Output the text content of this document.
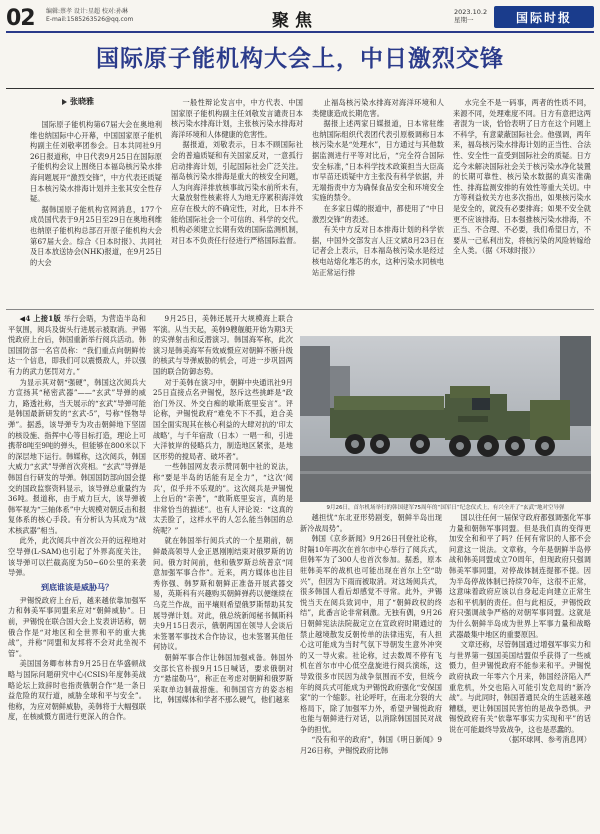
02 编辑:蔡孝 设计:星超 校对:孙琳
E-mail:1585263526@qq.com	聚焦	2023.10.2
星期一	国际时报
国际原子能机构大会上，中日激烈交锋
张晓雅

国际原子能机构第67届大会在奥地利维也纳国际中心开幕，中国国家原子能机构副主任刘敬率团参会。日本共同社9月26日报道称，中日代表9月25日在国际原子能机构会议上围绕日本福岛核污染水排海问题展开“激烈交锋”，中方代表还质疑日本核污染水排海计划并主张其安全性存疑。

据韩国原子能机构官网消息，177个成员国代表于9月25日至29日在奥地利维也纳原子能机构总部召开原子能机构大会第67届大会。综合《日本时报》、共同社及日本放送协会(NHK)报道，在9月25日的大会

一般性辩论发言中，中方代表、中国国家原子能机构副主任刘敬发言谴责日本核污染水排海计划，主张核污染水排海对海洋环境和人体健康的危害性。

据报道，刘敬表示，日本不顾国际社会的普遍质疑和有关国家反对，一意孤行启动排海计划，引起国际社会广泛关注。福岛核污染水排海是重大的核安全问题，人为向海洋排放核事故污染水前所未有，大量放射性核素将人为地无序累积海洋效应存在极大的不确定性，对此，日本并不能给国际社会一个可信的、科学的交代。机构必须建立长期有效的国际监测机制，对日本不负责任行径进行严格国际监督。

止福岛核污染水排海对海洋环境和人类健康造成长期危害。

据报上述两家日媒报道，日本常驻维也纳国际组织代表团代表引原极调称日本核污染水是“处理水”，日方通过与其他数据监测进行平等对比后，“完全符合国际安全标准，”日本科学技术政策担当大臣高市早苗还质疑中方主张没有科学依据，并无端指责中方为确保食品安全和环境安全实施的禁令。

在多家日媒的报道中，都使用了“中日激烈交锋”的表述。

有关中方反对日本排海计划的科学依据，中国外交部发言人汪文斌8月23日在记者会上表示，日本福岛核污染水是经过核电站熔化堆芯的水，这种污染水同核电站正常运行排

水完全不是一码事，两者的性质不同，来源不同，处理难度不同。日方有意把这两者混为一谈，恰恰表明了日方在这个问题上不科学，有意蒙蔽国际社会。他强调，两年来，福岛核污染水排海计划的正当性、合法性、安全性一直受到国际社会的质疑。日方迄今未解决国际社会关于核污染水净化装置的长期可靠性、核污染水数据的真实准确性、排海监测安排的有效性等重大关切。中方等利益攸关方也多次指出，如果核污染水是安全的，就没有必要排海；如果不安全就更不应该排海。日本强推核污染水排海，不正当、不合理、不必要，我们希望日方，不要从一己私利出发，将核污染的风险转嫁给全人类。（据《环球时报》）

◀4 上接1版 举行会晤，为营造半岛和平氛围，阅兵及街头行进展示被取消。尹锡悦政府上台后，韩国重新举行阅兵活动。韩国国防部一名官员称：“我们重点向朝鲜传达一个信息，即我们可以震慑敌人，并以强有力的武力惩罚对方。”

为显示其对朝“强硬”，韩国这次阅兵大方宣扬其“秘密武器”——“玄武”导弹的威力，路透社称，当天展示的“玄武”导弹可能是韩国最新研发的“玄武-5”，号称“怪物导弹”。据悉，该导弹专为攻击朝鲜地下坚固的核设施、指挥中心等目标打造，理论上可携带8吨至9吨的弹头，但能够在800米以下的深层地下运行。韩媒称，这次阅兵，韩国大威力“玄武”导弹首次亮相。“玄武”导弹是韩国自行研发的导弹。韩国国防部向国会提交的国政监察资料显示，该导弹总重量约为36吨。报道称，由于威力巨大，该导弹被韩军视为“三轴体系”中大规模对朝反击和报复体系的核心手段。有分析认为其成为“战术核武器”相当。

此外，此次阅兵中首次公开的远程地对空导弹(L-SAM)也引起了外界高度关注，该导弹可以拦截高度为50~60公里的来袭导弹。

到底谁该是威胁马？

尹锡悦政府上台后，越来越依靠加强军力和韩美军事同盟来应对“朝鲜威胁”。日前，尹锡悦在联合国大会上发表讲话称，朝俄合作是“对地区和全世界和平的重大挑战”，并称“同盟和友邦将不会对此坐视不管”。

美国国务卿布林肯9月25日在华盛顿战略与国际问题研究中心(CSIS)年度韩美战略论坛上致辞时也指责俄朝合作“是一条日益危险的双行道，威胁全球和平与安全”。他称，为应对朝鲜威胁，美韩将于大幅强联度，在核威慑方面进行更深入的合作。

9月25日，美韩还展开大规模海上联合军演。从当天起，美韩9艘舰艇开始为期3天的实弹射击和反潜演习。韩国海军称，此次演习是韩美海军有效威慑应对朝鲜不断升级的核武与导弹威胁的机会，可进一步巩固两国的联合防御态势。

对于美韩在演习中，朝鲜中央通讯社9月25日直接点名尹锡悦，怒斥这些挑衅是“政治门外汉、外交白痴的歇斯底里妄言”。评论称，尹锡悦政府“难免不下不孤，迫合美国全面实现其在核心利益的大肆对抗的‘印太战略’，与千年宿敌（日本）一唱一和，引进大洋彼岸的侵略兵力，制造地区紧张，是地区形势的搅局者、破坏者”。

一些韩国网友表示赞同朝中社的说法，称“要是半岛的话能有足全力”，“这次‘阅兵’，似乎并不乐观的”。这次阅兵是尹锡悦上台后的“亲善”，“敢斯底里妄言，真的是非常恰当的描述”。也有人评论说：“这真的太丢脸了，这样水平的人怎么能当韩国的总统呢？”

就在韩国举行阅兵式的一个星期前，朝鲜最高领导人金正恩刚刚结束对俄罗斯的访问。俄方时间前，他和俄罗斯总统普京“同意加强军事合作”。近来，两方媒体也注目秀你强、韩罗斯和朝鲜正准备开展武器交易，英斯科有兴趣购买朝鲜弹药以便继续在乌克兰作战，而平壤则希望俄罗斯帮助其发展导弹计划。对此，俄总统新闻秘书佩斯科夫9月15日表示，俄朝两国在领导人会谈后未签署军事技术合作协议，也未签署其他任何协议。

朝鲜军事合作让韩国加强戒备。韩国外交部长官朴振9月15日喊话，要求俄朝对方“悬崖勒马”，称正在考虑对朝鲜和俄罗斯采取单边制裁措施。和韩国官方的姿态相比，韩国媒体和学者不那么硬气，他们越来

9月26日，首尔机场举行的韩国建军75周年的“国军日”纪念仪式上，有兴全开了“玄武”地对空导弹

越担忧“东北亚形势剧变，朝鲜半岛出现新冷战局势”。

韩国《京乡新闻》9月26日刊登社论称，时隔10年再次在首尔市中心举行了阅兵式，但韩军为了300人也首次参加。据悉，原本驻韩美军的战机也可能出现在首尔上空“助兴”，但因为下雨而被取消。对这场阅兵式，很多韩国人看后却感觉不寻常。此外，尹锡悦当天在阅兵致词中，用了“朝鲜政权的终结”，此番言论非常刺激。无独有偶，9月26日朝鲜宪法法院裁定立在宣政府时期通过的禁止越境散发反朝传单的法律违宪，有人担心这可能成为当时气氛下导朝发生意外冲突的又一导火索。社论称，过去数周不停有飞机在首尔市中心低空盘旋进行阅兵演练，这导致很多市民因为战争氛围而不安，但统今年的阅兵式可能成为尹锡悦政府强化“安保国家”的一个缩影。社论呼吁，在南北分裂的大格局下，除了加强军力外，希望尹锡悦政府也能与朝鲜进行对话，以消除韩国国民对战争的担忧。

“没有和平的政府”，韩国《明日新闻》9月26日称，尹锡悦政府比韩

国以往任何一届保守政府都强调强化军事力量和朝韩军事同盟。但是我们真的变得更加安全和和平了吗？任何有常识的人都不会问意这一说法。文章称，今年是朝鲜半岛停战和韩美同盟成立70周年，但现政府只强调韩美军事同盟，对停战体制连提都不提。因为半岛停战体制已持续70年，这很不正常，这意味着政府应该以自身起走向建立正常生态和平机制的责任。但与此相反，尹锡悦政府只强调战争严格的对朝军事同盟。这就是为什么朝鲜半岛成为世界上军事力量和战略武器最集中地区的重要原因。

文章还称，尽管韩国通过增强军事实力和与世界第一强国美国结盟似乎获得了一些威慑力，但尹锡悦政府不能参来和平。尹锡悦政府执政一年零六个月来，韩国经济陷入严重危机，外交也陷入可能引发危局的“新冷战”。与此同时，韩国普通民众的生活越来越糟糕，更让韩国国民害怕的是战争恐惧。尹锡悦政府有关“依靠军事实力实现和平”的话说在可能最终导致战争，这也是恶蠢的。

（据环球网、参考消息网）
